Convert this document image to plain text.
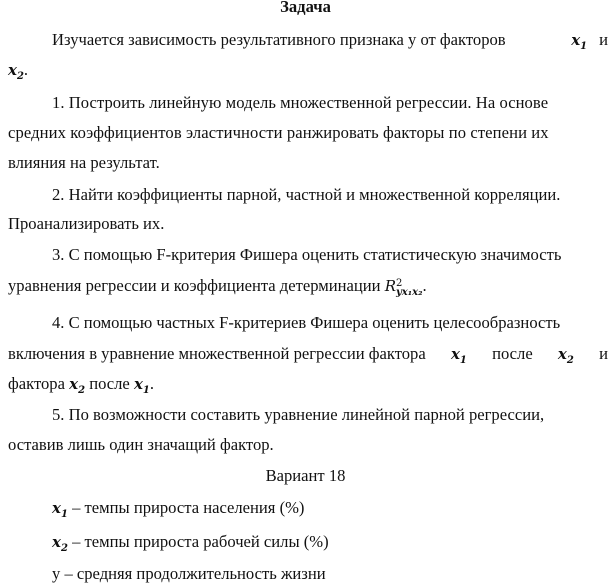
Задача
Изучается зависимость результативного признака y от факторов	$x_1$ и
$x_2$.
1. Построить линейную модель множественной регрессии. На основе
средних коэффициентов эластичности ранжировать факторы по степени их
влияния на результат.
2. Найти коэффициенты парной, частной и множественной корреляции.
Проанализировать их.
3. С помощью F-критерия Фишера оценить статистическую значимость
уравнения регрессии и коэффициента детерминации R2
yx₁x₂.
4. С помощью частных F-критериев Фишера оценить целесообразность
включения в уравнение множественной регрессии фактора $x_1$ после $x_2$ и
фактора $x_2$ после $x_1$.
5. По возможности составить уравнение линейной парной регрессии,
оставив лишь один значащий фактор.
Вариант 18
$x_1$ – темпы прироста населения (%)
$x_2$ – темпы прироста рабочей силы (%)
y – средняя продолжительность жизни
